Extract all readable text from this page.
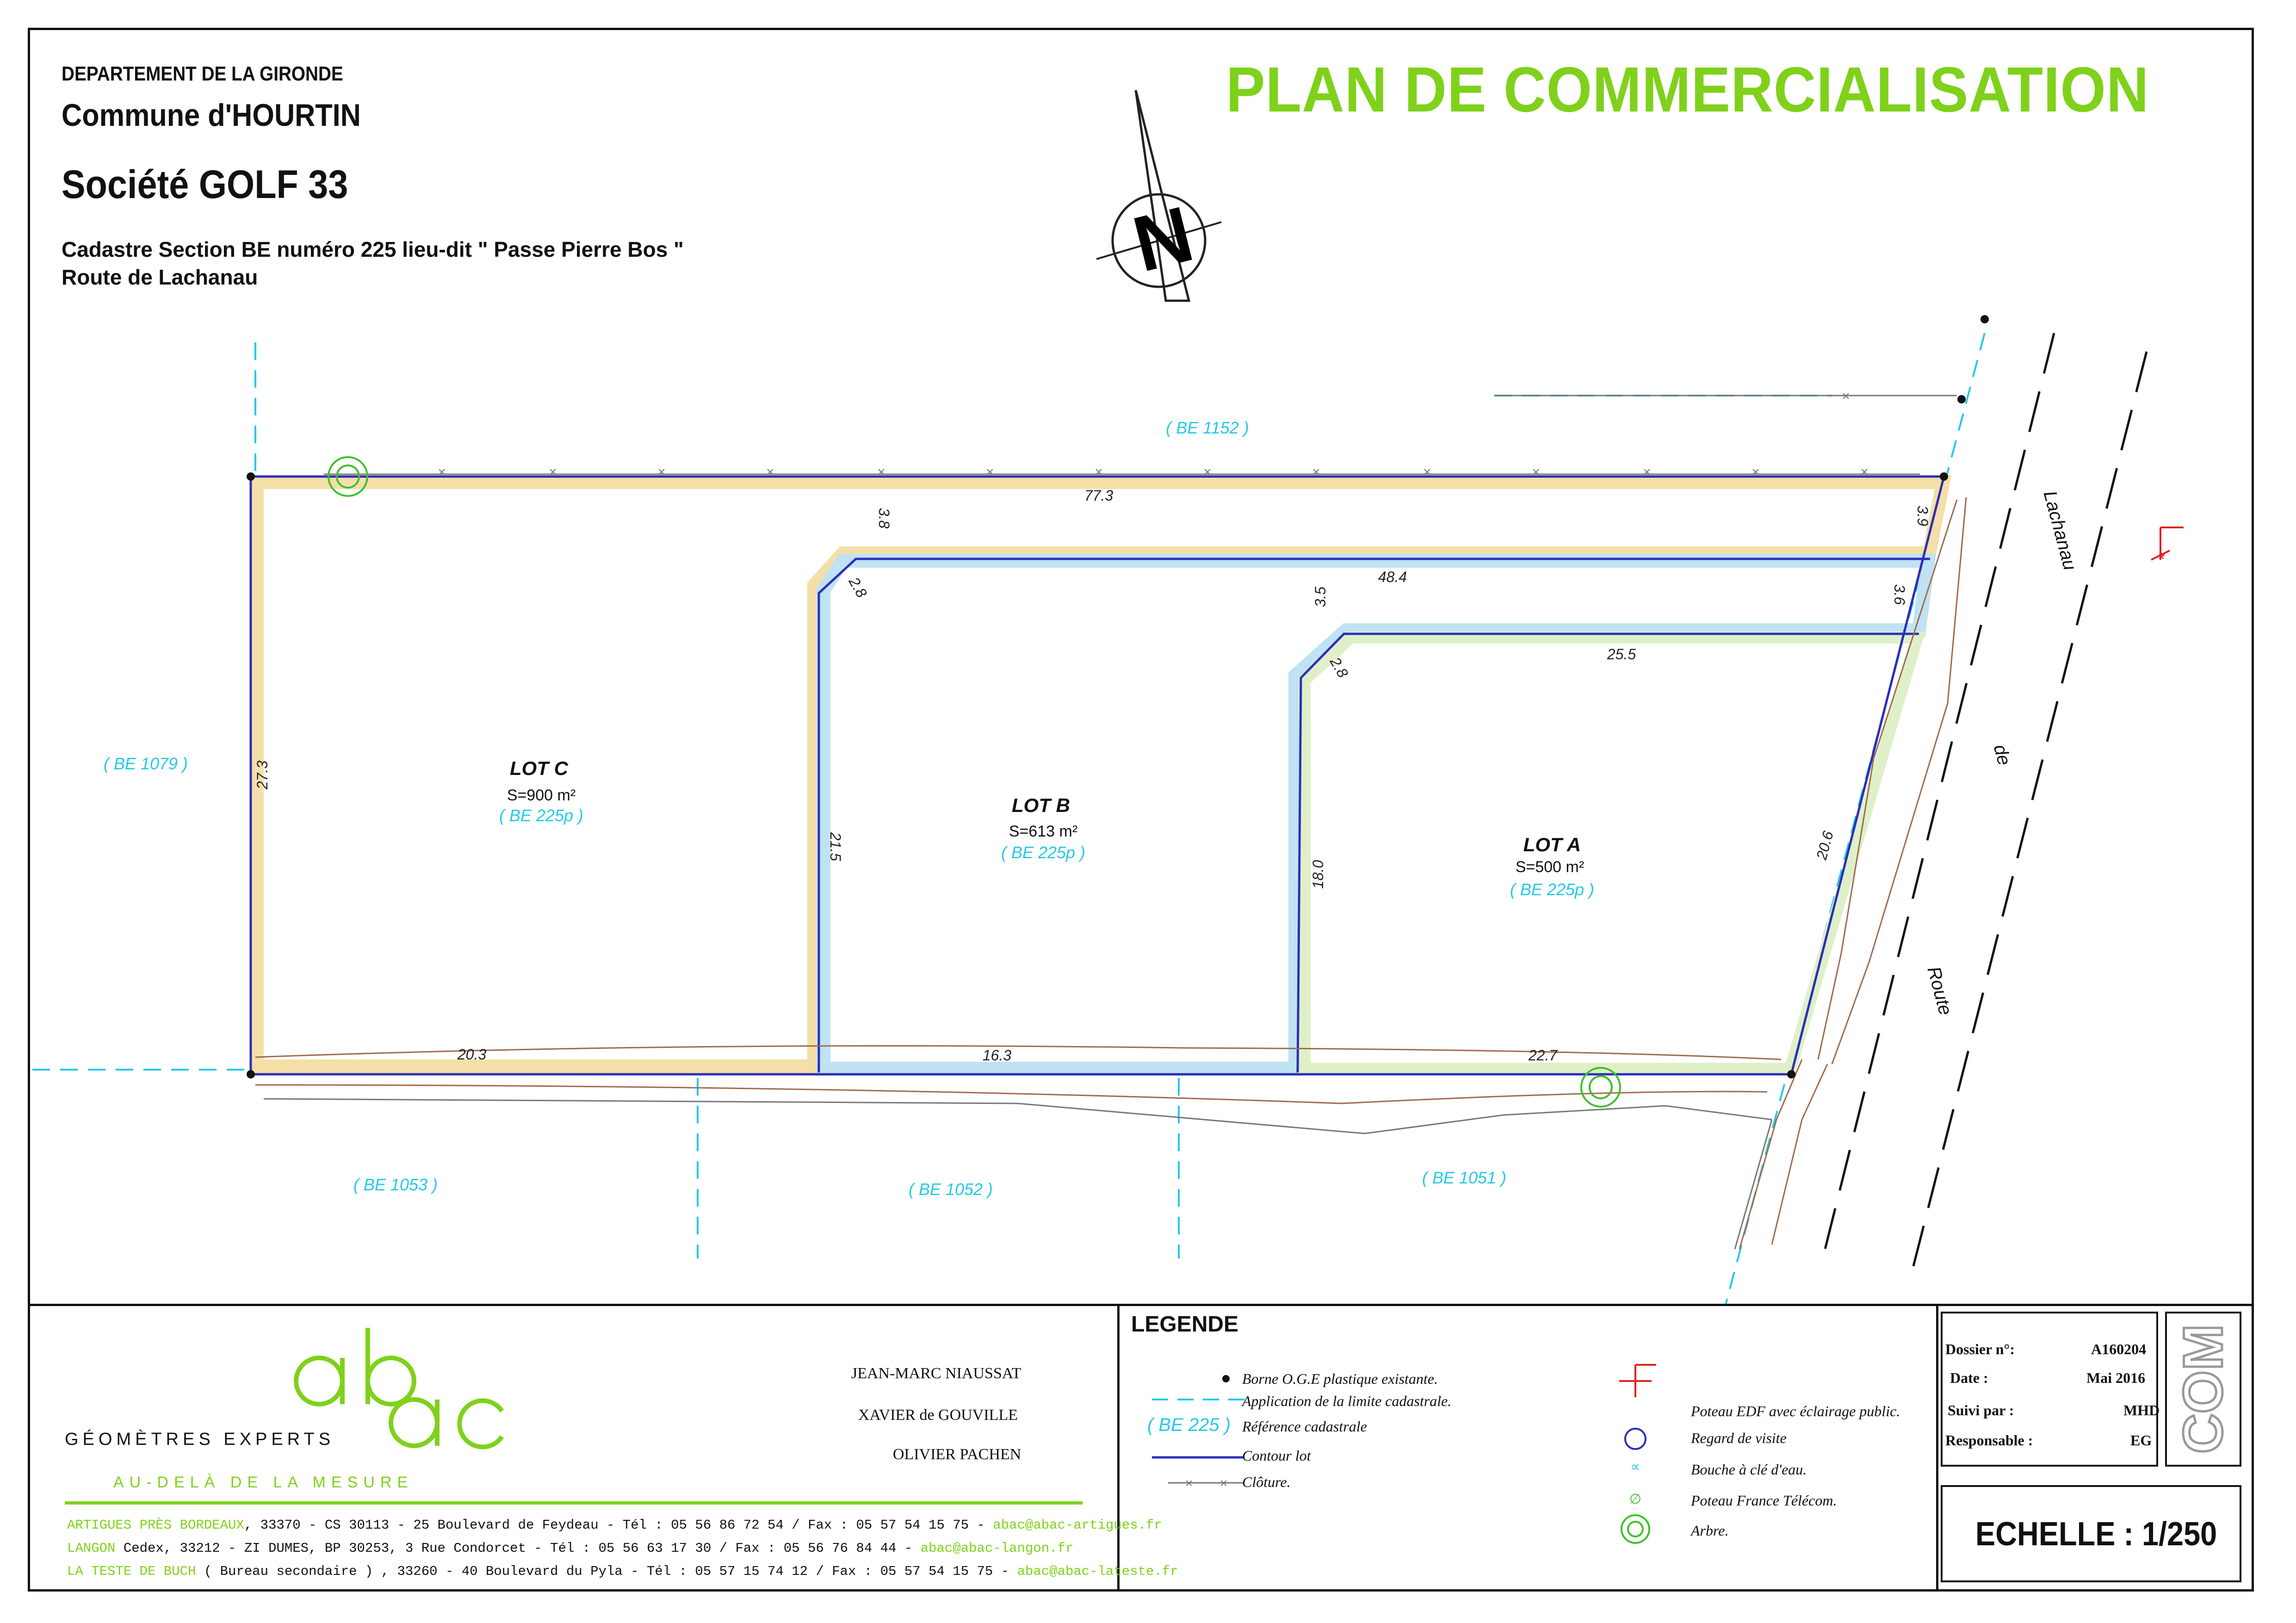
DEPARTEMENT DE LA GIRONDE
Commune d'HOURTIN
Société GOLF 33
Cadastre Section BE numéro 225 lieu-dit " Passe Pierre Bos "
Route de Lachanau
PLAN DE COMMERCIALISATION
N
×	×	×	×	×	×	×	×	×	×	×	×	×	×
×
*
( BE 1152 )
( BE 1079 )
( BE 1053 )	( BE 1052 )
( BE 1051 )
Lachanau
de
Route
LOT C
S=900 m²
( BE 225p )	LOT B
S=613 m²
( BE 225p )	LOT A
S=500 m²
( BE 225p )
77.3
3.9
3.8
2.8	3.5
48.4
3.6
2.8
25.5
27.3
21.5
18.0
20.6
20.3	16.3	22.7
GÉOMÈTRES EXPERTS
AU-DELÀ DE LA MESURE
JEAN-MARC NIAUSSAT
XAVIER de GOUVILLE
OLIVIER PACHEN
ARTIGUES PRÈS BORDEAUX, 33370 - CS 30113 - 25 Boulevard de Feydeau - Tél : 05 56 86 72 54 / Fax : 05 57 54 15 75 - abac@abac-artigues.fr
LANGON Cedex, 33212 - ZI DUMES, BP 30253, 3 Rue Condorcet - Tél : 05 56 63 17 30 / Fax : 05 56 76 84 44 - abac@abac-langon.fr
LA TESTE DE BUCH ( Bureau secondaire ) , 33260 - 40 Boulevard du Pyla - Tél : 05 57 15 74 12 / Fax : 05 57 54 15 75 - abac@abac-lateste.fr
LEGENDE
× ×
( BE 225 )
Borne O.G.E plastique existante.
Application de la limite cadastrale.
Référence cadastrale
Contour lot
Clôture.
∝
∅
Poteau EDF avec éclairage public.
Regard de visite
Bouche à clé d'eau.
Poteau France Télécom.
Arbre.
Dossier n°:	A160204
Date :	Mai 2016
Suivi par :	MHD
Responsable :	EG COM
ECHELLE : 1/250
